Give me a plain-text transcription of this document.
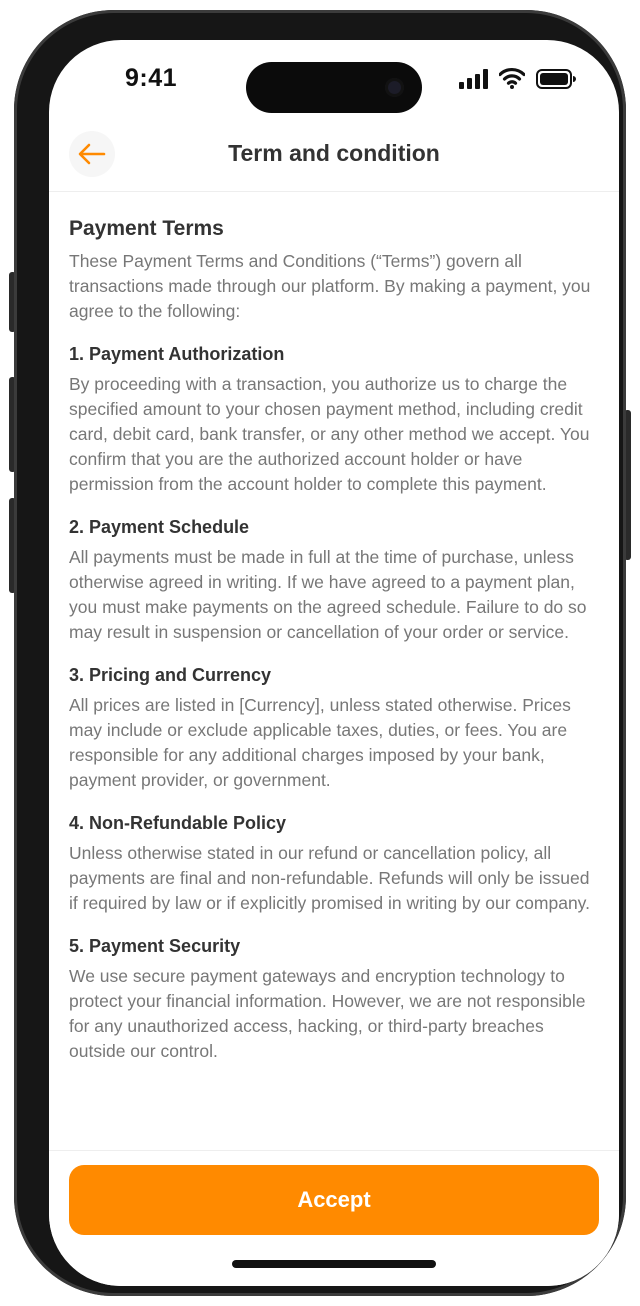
9:41
Term and condition
Payment Terms

These Payment Terms and Conditions (“Terms”) govern all transactions made through our platform. By making a payment, you agree to the following:

1. Payment Authorization

By proceeding with a transaction, you authorize us to charge the specified amount to your chosen payment method, including credit card, debit card, bank transfer, or any other method we accept. You confirm that you are the authorized account holder or have permission from the account holder to complete this payment.

2. Payment Schedule

All payments must be made in full at the time of purchase, unless otherwise agreed in writing. If we have agreed to a payment plan, you must make payments on the agreed schedule. Failure to do so may result in suspension or cancellation of your order or service.

3. Pricing and Currency

All prices are listed in [Currency], unless stated otherwise. Prices may include or exclude applicable taxes, duties, or fees. You are responsible for any additional charges imposed by your bank, payment provider, or government.

4. Non-Refundable Policy

Unless otherwise stated in our refund or cancellation policy, all payments are final and non-refundable. Refunds will only be issued if required by law or if explicitly promised in writing by our company.

5. Payment Security

We use secure payment gateways and encryption technology to protect your financial information. However, we are not responsible for any unauthorized access, hacking, or third-party breaches outside our control.

Accept
